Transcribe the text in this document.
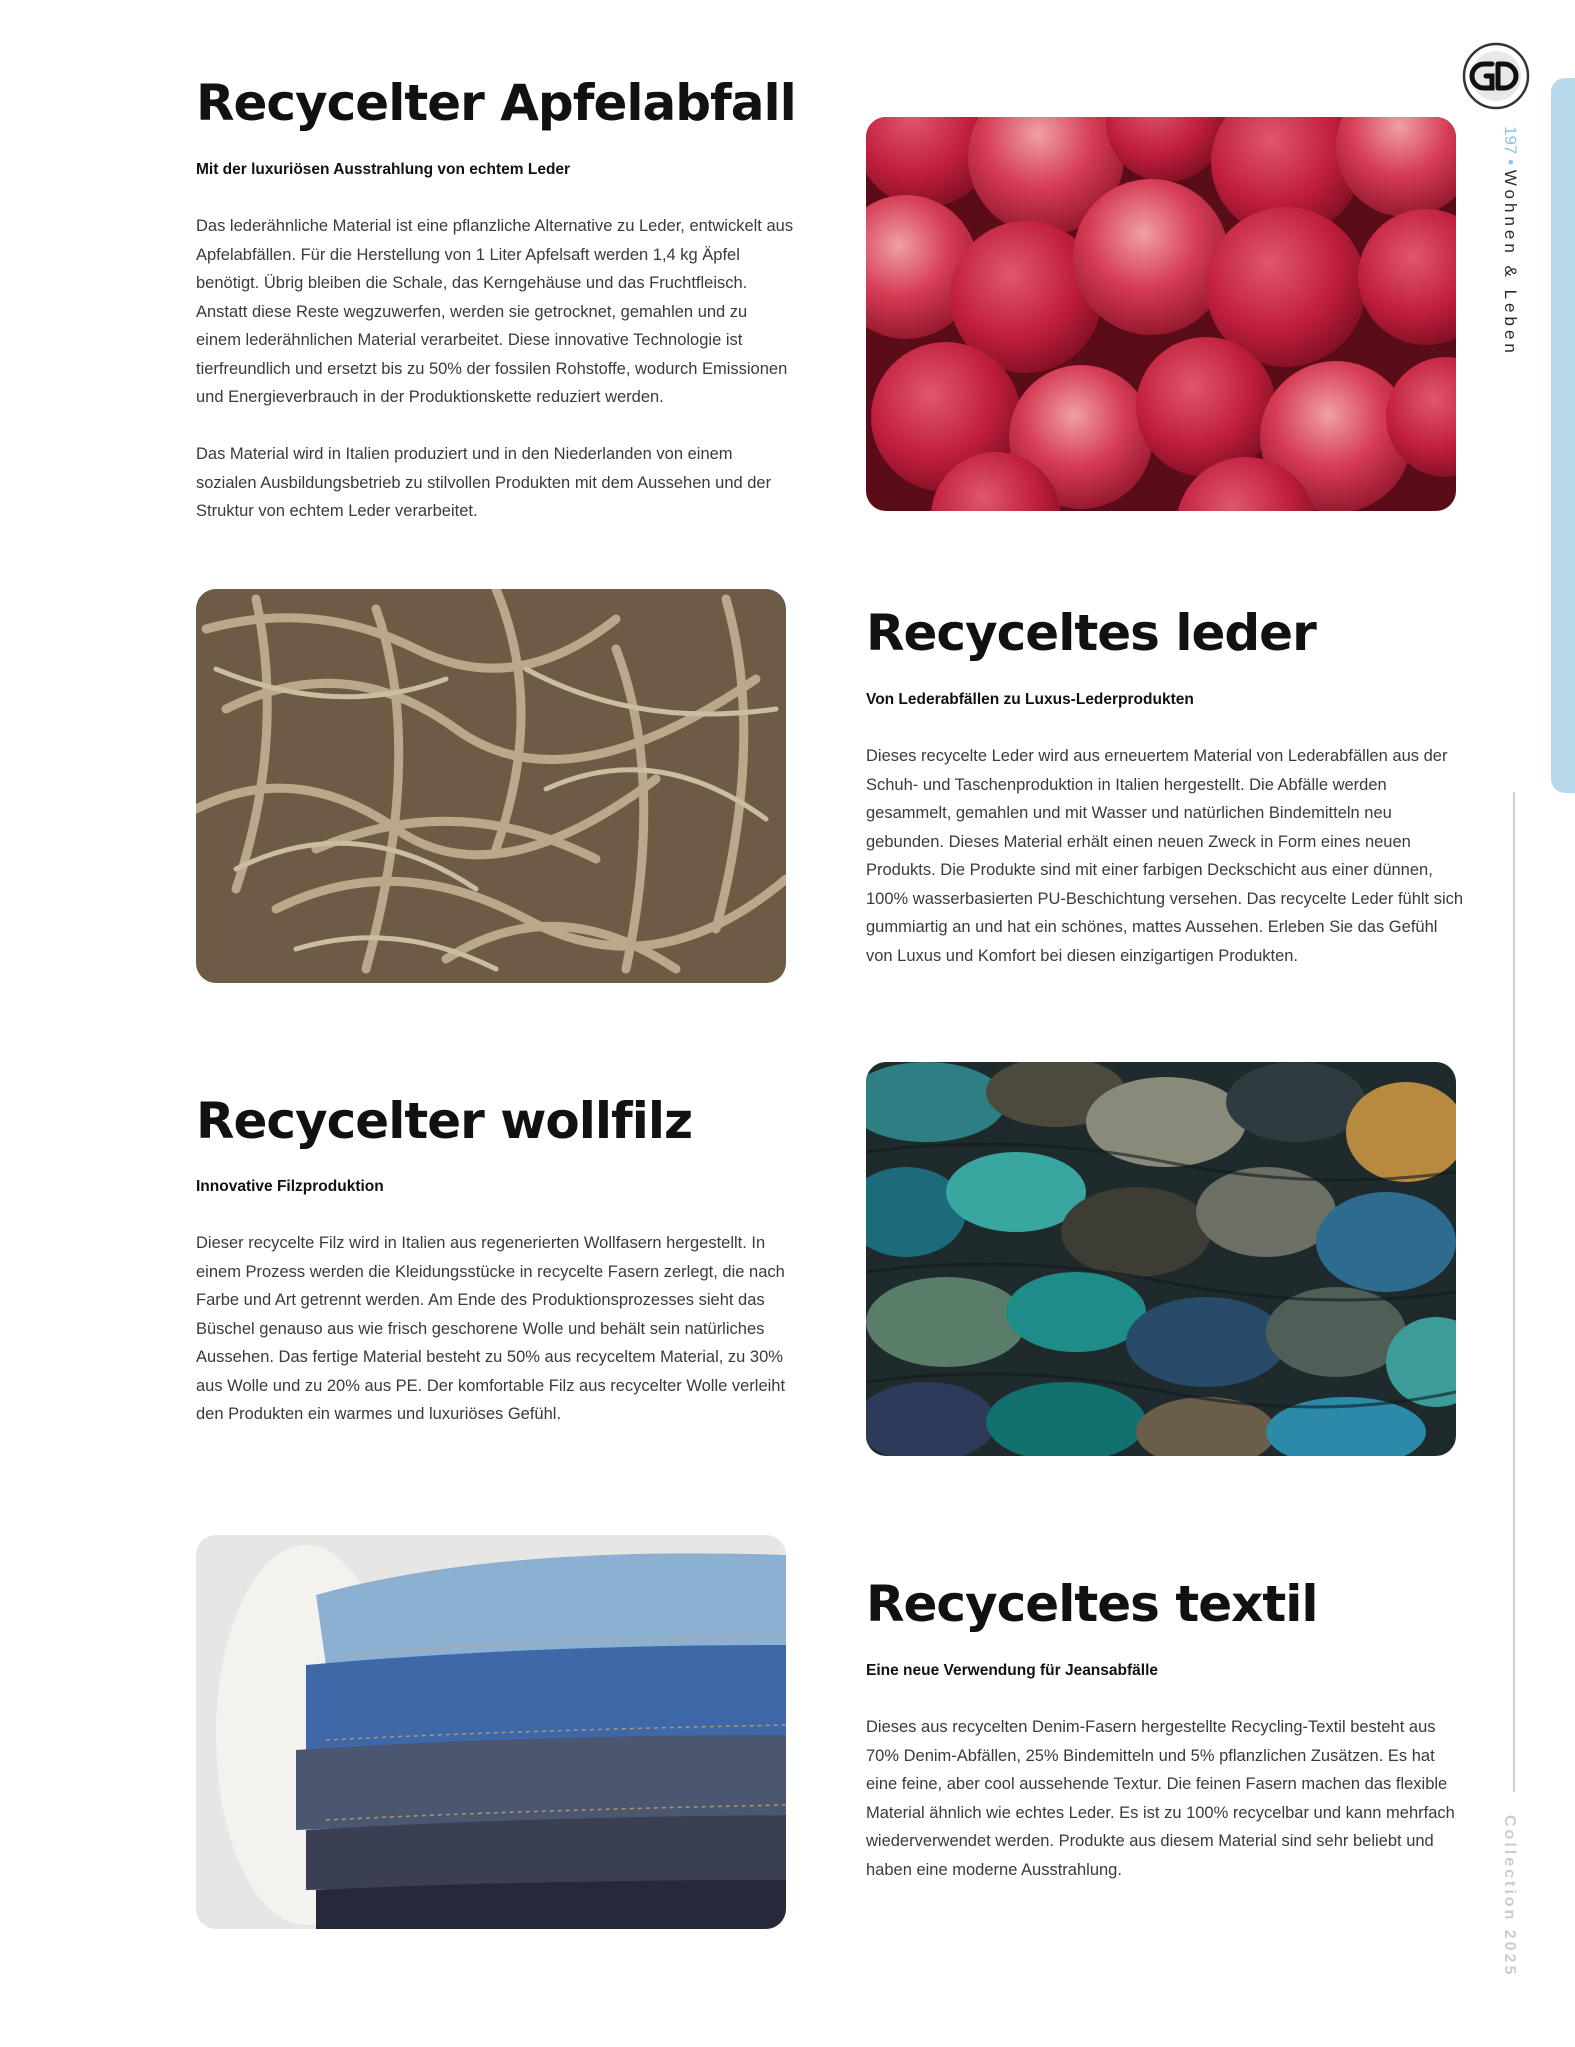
197 • Wohnen & Leben
Collection 2025
Recycelter Apfelabfall
Mit der luxuriösen Ausstrahlung von echtem Leder

Das lederähnliche Material ist eine pflanzliche Alternative zu Leder, entwickelt aus Apfelabfällen. Für die Herstellung von 1 Liter Apfelsaft werden 1,4 kg Äpfel benötigt. Übrig bleiben die Schale, das Kerngehäuse und das Fruchtfleisch. Anstatt diese Reste wegzuwerfen, werden sie getrocknet, gemahlen und zu einem lederähnlichen Material verarbeitet. Diese innovative Technologie ist tierfreundlich und ersetzt bis zu 50% der fossilen Rohstoffe, wodurch Emissionen und Energieverbrauch in der Produktionskette reduziert werden.

Das Material wird in Italien produziert und in den Niederlanden von einem sozialen Ausbildungsbetrieb zu stilvollen Produkten mit dem Aussehen und der Struktur von echtem Leder verarbeitet.

Recyceltes leder
Von Lederabfällen zu Luxus-Lederprodukten

Dieses recycelte Leder wird aus erneuertem Material von Lederabfällen aus der Schuh- und Taschenproduktion in Italien hergestellt. Die Abfälle werden gesammelt, gemahlen und mit Wasser und natürlichen Bindemitteln neu gebunden. Dieses Material erhält einen neuen Zweck in Form eines neuen Produkts. Die Produkte sind mit einer farbigen Deckschicht aus einer dünnen, 100% wasserbasierten PU-Beschichtung versehen. Das recycelte Leder fühlt sich gummiartig an und hat ein schönes, mattes Aussehen. Erleben Sie das Gefühl von Luxus und Komfort bei diesen einzigartigen Produkten.

Recycelter wollfilz
Innovative Filzproduktion

Dieser recycelte Filz wird in Italien aus regenerierten Wollfasern hergestellt. In einem Prozess werden die Kleidungsstücke in recycelte Fasern zerlegt, die nach Farbe und Art getrennt werden. Am Ende des Produktionsprozesses sieht das Büschel genauso aus wie frisch geschorene Wolle und behält sein natürliches Aussehen. Das fertige Material besteht zu 50% aus recyceltem Material, zu 30% aus Wolle und zu 20% aus PE. Der komfortable Filz aus recycelter Wolle verleiht den Produkten ein warmes und luxuriöses Gefühl.

Recyceltes textil
Eine neue Verwendung für Jeansabfälle

Dieses aus recycelten Denim-Fasern hergestellte Recycling-Textil besteht aus 70% Denim-Abfällen, 25% Bindemitteln und 5% pflanzlichen Zusätzen. Es hat eine feine, aber cool aussehende Textur. Die feinen Fasern machen das flexible Material ähnlich wie echtes Leder. Es ist zu 100% recycelbar und kann mehrfach wiederverwendet werden. Produkte aus diesem Material sind sehr beliebt und haben eine moderne Ausstrahlung.
